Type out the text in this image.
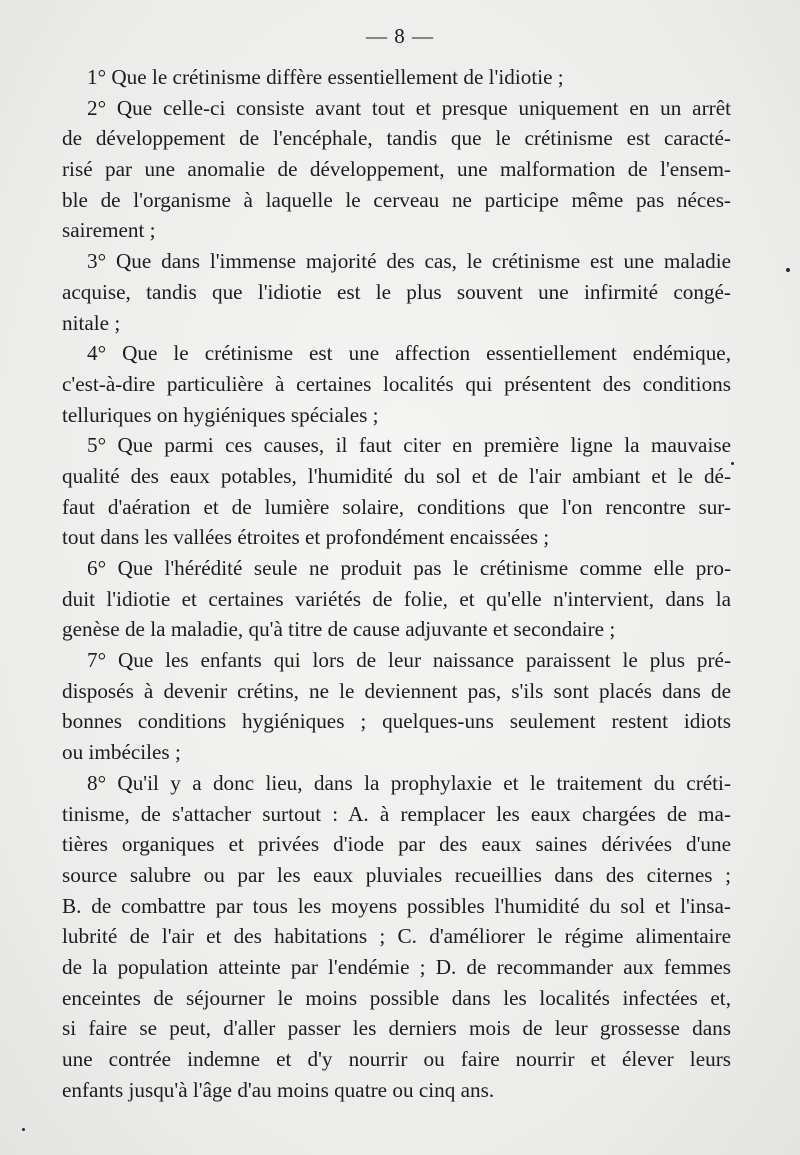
— 8 —
1° Que le crétinisme diffère essentiellement de l'idiotie ;
2° Que celle-ci consiste avant tout et presque uniquement en un arrêt
de développement de l'encéphale, tandis que le crétinisme est caracté-
risé par une anomalie de développement, une malformation de l'ensem-
ble de l'organisme à laquelle le cerveau ne participe même pas néces-
sairement ;
3° Que dans l'immense majorité des cas, le crétinisme est une maladie
acquise, tandis que l'idiotie est le plus souvent une infirmité congé-
nitale ;
4° Que le crétinisme est une affection essentiellement endémique,
c'est-à-dire particulière à certaines localités qui présentent des conditions
telluriques on hygiéniques spéciales ;
5° Que parmi ces causes, il faut citer en première ligne la mauvaise
qualité des eaux potables, l'humidité du sol et de l'air ambiant et le dé-
faut d'aération et de lumière solaire, conditions que l'on rencontre sur-
tout dans les vallées étroites et profondément encaissées ;
6° Que l'hérédité seule ne produit pas le crétinisme comme elle pro-
duit l'idiotie et certaines variétés de folie, et qu'elle n'intervient, dans la
genèse de la maladie, qu'à titre de cause adjuvante et secondaire ;
7° Que les enfants qui lors de leur naissance paraissent le plus pré-
disposés à devenir crétins, ne le deviennent pas, s'ils sont placés dans de
bonnes conditions hygiéniques ; quelques-uns seulement restent idiots
ou imbéciles ;
8° Qu'il y a donc lieu, dans la prophylaxie et le traitement du créti-
tinisme, de s'attacher surtout : A. à remplacer les eaux chargées de ma-
tières organiques et privées d'iode par des eaux saines dérivées d'une
source salubre ou par les eaux pluviales recueillies dans des citernes ;
B. de combattre par tous les moyens possibles l'humidité du sol et l'insa-
lubrité de l'air et des habitations ; C. d'améliorer le régime alimentaire
de la population atteinte par l'endémie ; D. de recommander aux femmes
enceintes de séjourner le moins possible dans les localités infectées et,
si faire se peut, d'aller passer les derniers mois de leur grossesse dans
une contrée indemne et d'y nourrir ou faire nourrir et élever leurs
enfants jusqu'à l'âge d'au moins quatre ou cinq ans.
